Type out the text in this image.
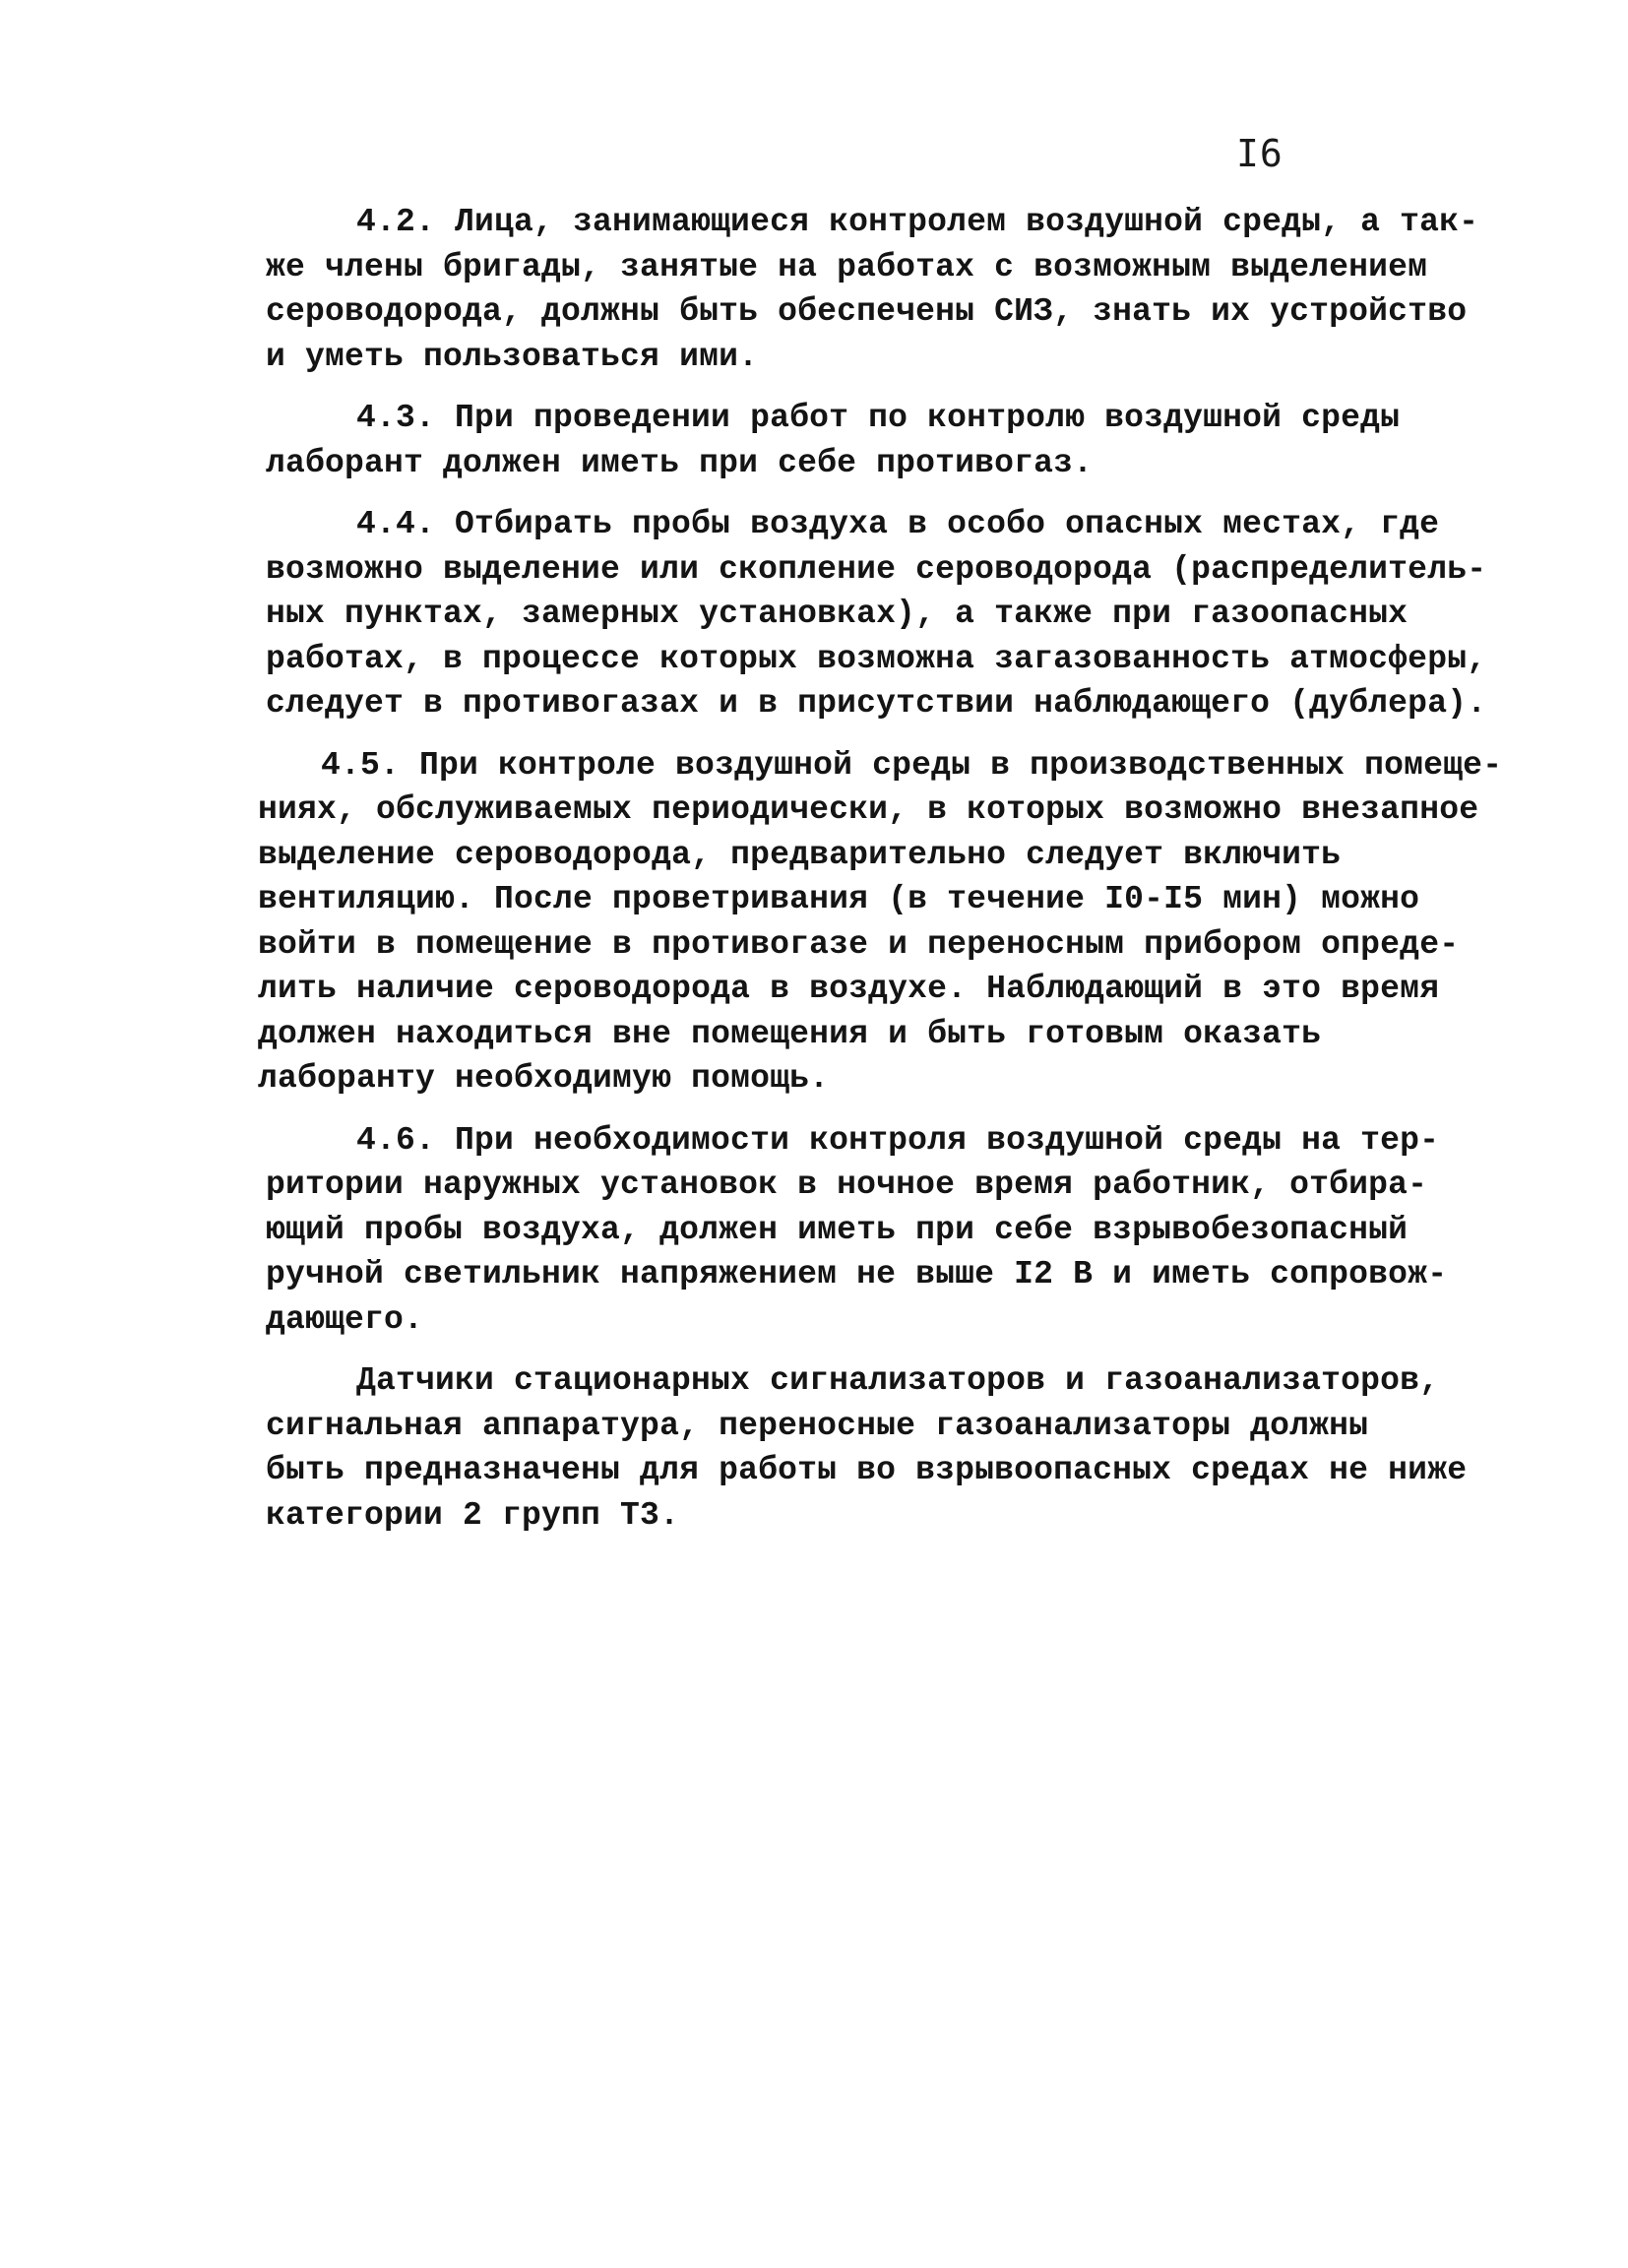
I6
4.2. Лица, занимающиеся контролем воздушной среды, а так-
же члены бригады, занятые на работах с возможным выделением
сероводорода, должны быть обеспечены СИЗ, знать их устройство
и уметь пользоваться ими.
4.3. При проведении работ по контролю воздушной среды
лаборант должен иметь при себе противогаз.
4.4. Отбирать пробы воздуха в особо опасных местах, где
возможно выделение или скопление сероводорода (распределитель-
ных пунктах, замерных установках), а также при газоопасных
работах, в процессе которых возможна загазованность атмосферы,
следует в противогазах и в присутствии наблюдающего (дублера).
4.5. При контроле воздушной среды в производственных помеще-
ниях, обслуживаемых периодически, в которых возможно внезапное
выделение сероводорода, предварительно следует включить
вентиляцию. После проветривания (в течение I0-I5 мин) можно
войти в помещение в противогазе и переносным прибором опреде-
лить наличие сероводорода в воздухе. Наблюдающий в это время
должен находиться вне помещения и быть готовым оказать
лаборанту необходимую помощь.
4.6. При необходимости контроля воздушной среды на тер-
ритории наружных установок в ночное время работник, отбира-
ющий пробы воздуха, должен иметь при себе взрывобезопасный
ручной светильник напряжением не выше I2 В и иметь сопровож-
дающего.
Датчики стационарных сигнализаторов и газоанализаторов,
сигнальная аппаратура, переносные газоанализаторы должны
быть предназначены для работы во взрывоопасных средах не ниже
категории 2 групп Т3.
